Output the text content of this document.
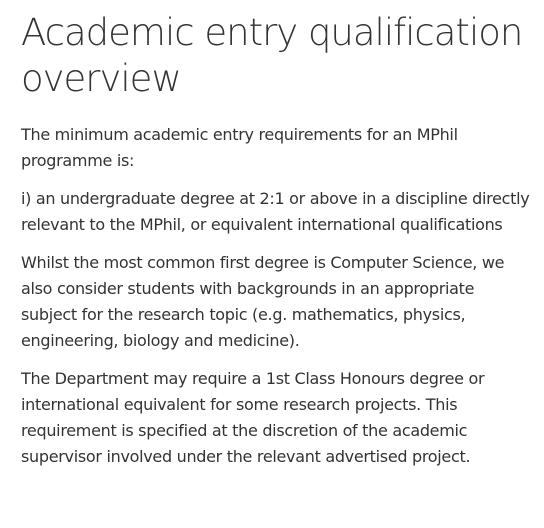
Academic entry qualification overview

The minimum academic entry requirements for an MPhil programme is:

i) an undergraduate degree at 2:1 or above in a discipline directly relevant to the MPhil, or equivalent international qualifications

Whilst the most common first degree is Computer Science, we also consider students with backgrounds in an appropriate subject for the research topic (e.g. mathematics, physics, engineering, biology and medicine).

The Department may require a 1st Class Honours degree or international equivalent for some research projects. This requirement is specified at the discretion of the academic supervisor involved under the relevant advertised project.
